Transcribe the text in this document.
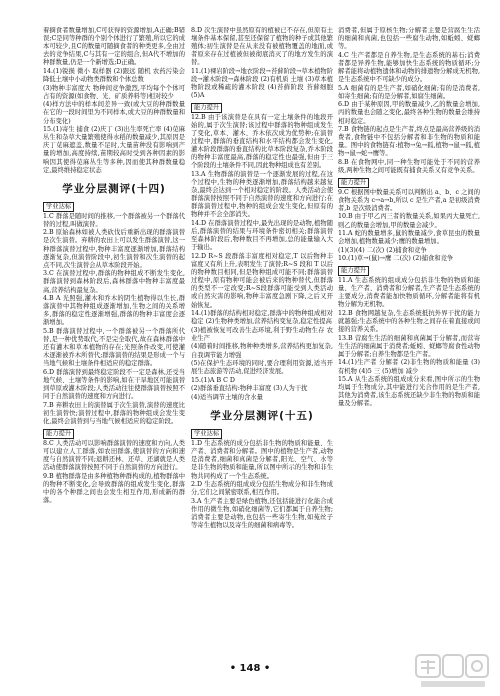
着摘食者数量增加,C可获得的资源增加,A正确;B错误;C是同等种群的个别个体进行了繁殖,所以它的成本可较少,且C的数量可随摘食者的种类更多,全由过去的竞争结果,C与其有一定的组合,但A代不增加的种群数量,仍是一个新增选;D正确。
14.(1)锐损 微小 取样器 (2)跟远 随机 农药污染会降低土壤中小动物类群数和个体总数
(3)物种丰富度大 物种间竞争激烈,平均每个个体可占有的资源(如食物、光、矿质养料等)相对较少
(4)样方法中的样本间差异一致(或大豆的种群数量在它的一段时间里为不同样本,或大豆的种群数量和分布变化)
15.(1)寄生 捕食 (2)庆丁 (3)出生率死亡率 (4)苋麻丛生和杂草大量繁殖使得水稻的数量减少,其原因是庆丁苋麻遮盖,数量不足时,大量苗种没有影响到产量的增加,高度持续,苗期较高时受到各种因素的影响因其使得苋麻丛生等多种,因而使其种群数量稳定,最终维持稳定状态
学业分层测评(十四)
学业达标
1.C 群落是随时间的推移,一个群落被另一个群落代替的过程,叫做演替。
2.B 原始森林如被人类砍伐后重新出现的群落演替是次生演替。弃耕的农田上可以发生群落演替,这一种群落演替过程中,物种丰富度逐渐增加,群落结构逐渐复杂,但演替阶段中,初生演替和次生演替的起点不同,次生演替会从草本阶段开始。
3.C 在演替过程中,群落的物种组成不断发生变化,群落演替到森林阶段后,森林群落中物种丰富度最高,营养结构最复杂。
4.B A 光照强,灌木和乔木的阴生植物得以生长,群落演替中其物种组成逐渐增加,生物之间的关系增多,群落的稳定性逐渐增强,群落的物种丰富度会逐渐增加。
5.B 群落演替过程中,一个群落被另一个群落所代替,是一种优势取代,不是完全取代,故在森林群落中还有灌木和草本植物的存在;光照条件改变,可使灌木逐渐被乔木所替代;群落演替的结果是形成一个与当地气候和土壤条件相适应的稳定群落。
6.D 群落演替到最终稳定阶段不一定是森林,还受当地气候、土壤等条件的影响,如在干旱地区可能演替到草原或灌木阶段;人类活动往往使群落演替按照不同于自然演替的速度和方向进行。
7.B 弃耕农田上的演替属于次生演替,演替的速度比初生演替快;演替过程中,群落的物种组成会发生变化,最终会演替到与当地气候相适应的稳定阶段。
能力提升
8.C 人类活动可以影响群落演替的速度和方向,人类可以建立人工群落,如农田群落,使演替的方向和速度与自然演替不同;退耕还林、还草、还湖就是人类活动使群落演替按照不同于自然演替的方向进行。
9.B 植物群落是由多种植物种群构成的,植物群落中的物种不断变化,会导致群落的组成发生变化,群落中的各个种群之间也会发生相互作用,形成新的群落。
8.D 次生演替中虽然原有的植被已不存在,但原有土壤条件基本保留,甚至还保留了植物的种子或其他繁殖体;初生演替是在从来没有被植物覆盖的地面,或者原来存在过植被但被彻底消灭了的地方发生的演替。
11.(1)裸岩阶段→地衣阶段→苔藓阶段→草本植物阶段→灌木阶段→森林阶段 (2)有机质 土壤 (3)草本植物阶段或稀疏的灌木阶段 (4)苔藓阶段 苔藓细胞 (5)A
能力提升
12.B 由于该演替是在具有一定土壤条件的地段开始的,属于次生演替;该过程中群落的物种组成发生了变化,草本、灌木、乔木依次成为优势种;在演替过程中,群落的垂直结构和水平结构都会发生变化,灌木阶段群落的垂直结构比草本阶段复杂,乔木阶段的物种丰富度最高,群落的稳定性也最强,但由于三个阶段的土壤条件不同,因此物种组成也有差别。
13.A 生物群落的演替是一个逐渐发展的过程,在这个过程中,生物的种类逐渐增加,群落结构越来越复杂,最终会达到一个相对稳定的阶段。人类活动会使群落演替按照不同于自然演替的速度和方向进行;在群落演替过程中,物种的组成会发生变化,但原有的物种并不会全部消失。
14.D 在群落演替过程中,最先出现的是动物,植物随后,群落演替的结果与环境条件密切相关;群落演替至森林阶段后,物种数目不再增加,总的能量输入大于输出。
12.D R~S 段群落丰富度相对稳定,T 以后物种丰富度又有所上升,表明发生了演替;R~S 段和 T 以后的物种数目相同,但是物种组成可能不同;群落演替过程中,原有物种可能会被后来的物种替代,但群落的类型不一定改变;R~S段群落可能受到人类活动或自然灾害的影响,物种丰富度急剧下降,之后又开始恢复。
14.(1)群落的结构相对稳定,群落中的物种组成相对稳定 (2)生物种类增加,营养结构变复杂,稳定性提高
(3)植被恢复可改善生态环境,利于野生动物生存 农业生产
(4)随着时间推移,物种种类增多,营养结构更加复杂,自我调节能力增强
(5)在保护生态环境的同时,要合理利用资源,适当开展生态旅游等活动,促进经济发展。
15.(1)A B C D
(2)群落垂直结构:物种丰富度 (3)人为干扰
(4)适当调节土壤的含水量
学业分层测评(十五)
学业达标
1.D 生态系统的成分包括非生物的物质和能量、生产者、消费者和分解者。图中的植物是生产者,动物是消费者,细菌和真菌是分解者,阳光、空气、水等是非生物的物质和能量,所以图中所示的生物和非生物共同构成了一个生态系统。
2.D 生态系统的组成成分包括生物成分和非生物成分,它们之间紧密联系,相互作用。
3.A 生产者主要是绿色植物,还包括能进行化能合成作用的微生物,如硝化细菌等,它们都属于自养生物;消费者主要是动物,也包括一些寄生生物,如菟丝子等寄生植物以及寄生的细菌和病毒等。
消费者,但属于原核生物;分解者主要是营腐生生活的细菌和真菌,也包括一些腐生动物,如蚯蚓、蜣螂等。
4.C 生产者都是自养生物,是生态系统的基石;消费者都是异养生物,能够加快生态系统的物质循环;分解者能将动植物遗体和动物的排遗物分解成无机物,是生态系统中不可缺少的成分。
5.A 细菌有的是生产者,如硝化细菌;有的是消费者,如寄生细菌;有的是分解者,如腐生细菌。
6.D 由于某种原因,甲的数量减少,乙的数量会增加,丙的数量也会随之变化,最终各种生物的数量会维持相对稳定。
7.B 食物链的起点是生产者,终点是最高营养级的消费者,食物链中不包括分解者和非生物的物质和能量。图中的食物链有:植物→兔→狐,植物→鼠→狐,植物→鼠→蛇→鹰等。
8.B 在食物网中,同一种生物可能处于不同的营养级,两种生物之间可能既有捕食关系又有竞争关系。
能力提升
9.C 根据图中数量关系可以判断出 a、b、c 之间的食物关系为 c→a→b,所以 c 是生产者,a 是初级消费者,b 是次级消费者。
10.B 由于甲乙丙三者的数量关系,如果丙大量死亡,则乙的数量会增加,甲的数量会减少。
11.A 蛇的数量增多,鼠的数量减少,食草昆虫的数量会增加,植物数量减少;鹰的数量增加。
(1)(3)(4) 二(次) (2)捕食和竞争
10.(1)草→(鼠)→鹰 二(次) (2)捕食和竞争
能力提升
11.A 生态系统的组成成分包括非生物的物质和能量、生产者、消费者和分解者,生产者是生态系统的主要成分,消费者能加快物质循环,分解者能将有机物分解为无机物。
12.B 食物网越复杂,生态系统抵抗外界干扰的能力就越强;生态系统中的各种生物之间存在着直接或间接的营养关系。
13.B 营腐生生活的细菌和真菌属于分解者,而营寄生生活的细菌属于消费者;蚯蚓、蜣螂等腐食性动物属于分解者;自养生物都是生产者。
14.(1)生产者 分解者 (2)非生物的物质和能量 (3)有机物 (4)5 三 (5)增加 减少
15.A 从生态系统的组成成分来看,图中所示的生物均属于生物成分,其中能进行光合作用的是生产者,其他为消费者,该生态系统还缺少非生物的物质和能量及分解者。
• 148 •
